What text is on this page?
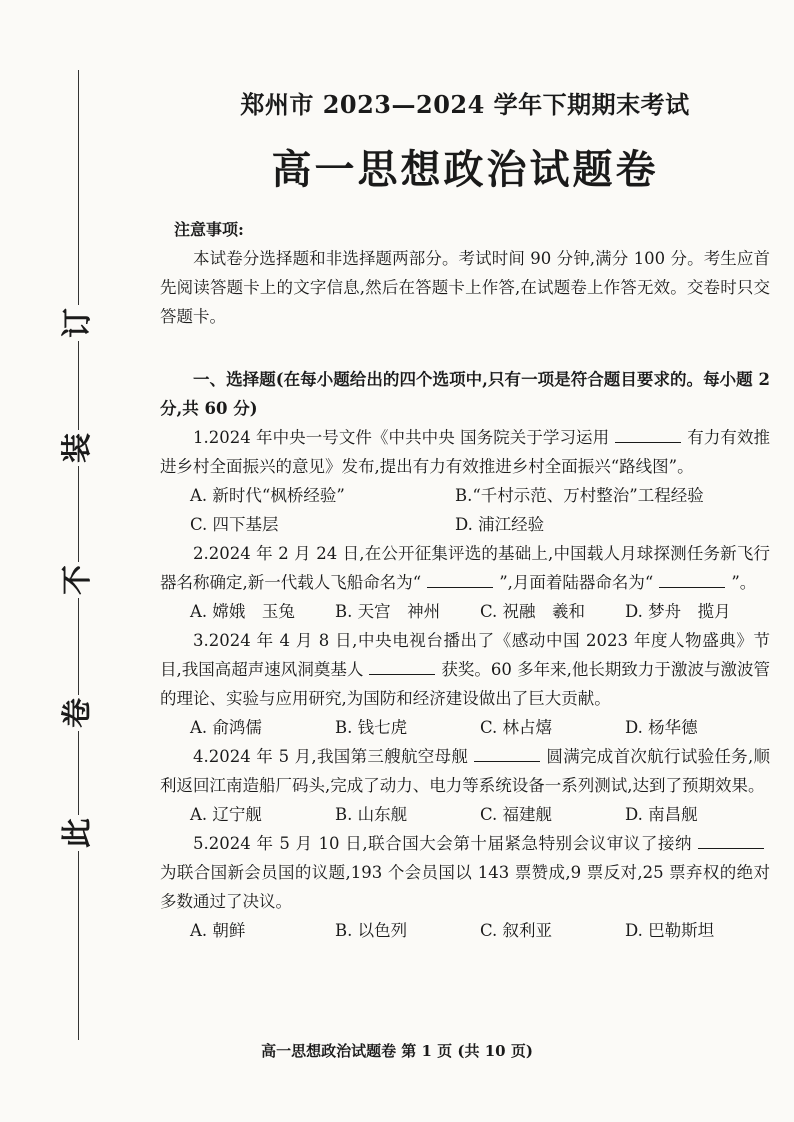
此
卷
不
装
订
郑州市 2023—2024 学年下期期末考试
高一思想政治试题卷
注意事项:

本试卷分选择题和非选择题两部分。考试时间 90 分钟,满分 100 分。考生应首先阅读答题卡上的文字信息,然后在答题卡上作答,在试题卷上作答无效。交卷时只交答题卡。

一、选择题(在每小题给出的四个选项中,只有一项是符合题目要求的。每小题 2 分,共 60 分)

1.2024 年中央一号文件《中共中央 国务院关于学习运用	有力有效推进乡村全面振兴的意见》发布,提出有力有效推进乡村全面振兴“路线图”。

A. 新时代“枫桥经验”	B.“千村示范、万村整治”工程经验
C. 四下基层	D. 浦江经验

2.2024 年 2 月 24 日,在公开征集评选的基础上,中国载人月球探测任务新飞行器名称确定,新一代载人飞船命名为“	”,月面着陆器命名为“	”。

A. 嫦娥　玉兔	B. 天宫　神州	C. 祝融　羲和	D. 梦舟　揽月

3.2024 年 4 月 8 日,中央电视台播出了《感动中国 2023 年度人物盛典》节目,我国高超声速风洞奠基人	获奖。60 多年来,他长期致力于激波与激波管的理论、实验与应用研究,为国防和经济建设做出了巨大贡献。

A. 俞鸿儒	B. 钱七虎	C. 林占熺	D. 杨华德

4.2024 年 5 月,我国第三艘航空母舰	圆满完成首次航行试验任务,顺利返回江南造船厂码头,完成了动力、电力等系统设备一系列测试,达到了预期效果。

A. 辽宁舰	B. 山东舰	C. 福建舰	D. 南昌舰

5.2024 年 5 月 10 日,联合国大会第十届紧急特别会议审议了接纳为联合国新会员国的议题,193 个会员国以 143 票赞成,9 票反对,25 票弃权的绝对多数通过了决议。

A. 朝鲜	B. 以色列	C. 叙利亚	D. 巴勒斯坦
高一思想政治试题卷 第 1 页 (共 10 页)
